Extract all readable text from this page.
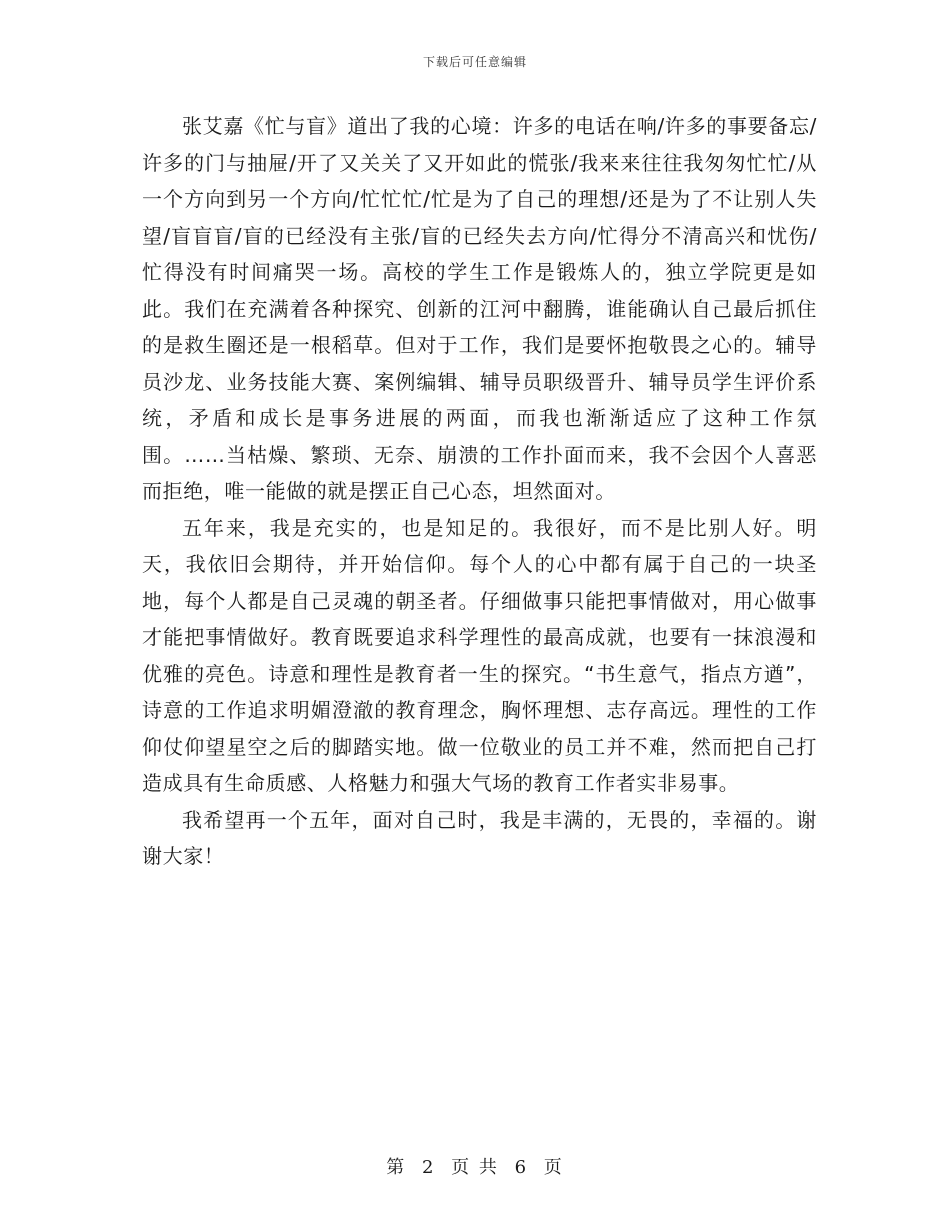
下载后可任意编辑

张艾嘉《忙与盲》道出了我的心境：许多的电话在响/许多的事要备忘/许多的门与抽屉/开了又关关了又开如此的慌张/我来来往往我匆匆忙忙/从一个方向到另一个方向/忙忙忙/忙是为了自己的理想/还是为了不让别人失望/盲盲盲/盲的已经没有主张/盲的已经失去方向/忙得分不清高兴和忧伤/忙得没有时间痛哭一场。高校的学生工作是锻炼人的，独立学院更是如此。我们在充满着各种探究、创新的江河中翻腾，谁能确认自己最后抓住的是救生圈还是一根稻草。但对于工作，我们是要怀抱敬畏之心的。辅导员沙龙、业务技能大赛、案例编辑、辅导员职级晋升、辅导员学生评价系统，矛盾和成长是事务进展的两面，而我也渐渐适应了这种工作氛围。……当枯燥、繁琐、无奈、崩溃的工作扑面而来，我不会因个人喜恶而拒绝，唯一能做的就是摆正自己心态，坦然面对。

五年来，我是充实的，也是知足的。我很好，而不是比别人好。明天，我依旧会期待，并开始信仰。每个人的心中都有属于自己的一块圣地，每个人都是自己灵魂的朝圣者。仔细做事只能把事情做对，用心做事才能把事情做好。教育既要追求科学理性的最高成就，也要有一抹浪漫和优雅的亮色。诗意和理性是教育者一生的探究。“书生意气，指点方遒”，诗意的工作追求明媚澄澈的教育理念，胸怀理想、志存高远。理性的工作仰仗仰望星空之后的脚踏实地。做一位敬业的员工并不难，然而把自己打造成具有生命质感、人格魅力和强大气场的教育工作者实非易事。

我希望再一个五年，面对自己时，我是丰满的，无畏的，幸福的。谢谢大家！

第 2 页 共 6 页
